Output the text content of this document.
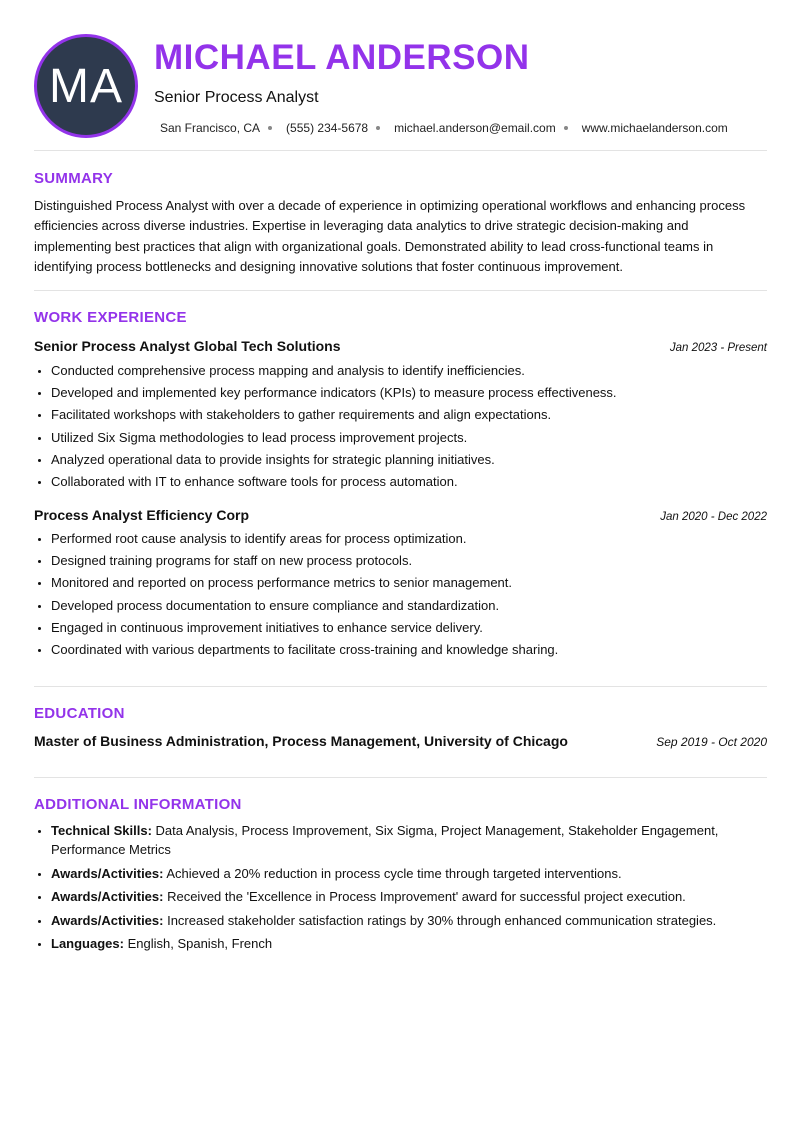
MA
MICHAEL ANDERSON
Senior Process Analyst
San Francisco, CA (555) 234-5678 michael.anderson@email.com www.michaelanderson.com
SUMMARY

Distinguished Process Analyst with over a decade of experience in optimizing operational workflows and enhancing process efficiencies across diverse industries. Expertise in leveraging data analytics to drive strategic decision-making and implementing best practices that align with organizational goals. Demonstrated ability to lead cross-functional teams in identifying process bottlenecks and designing innovative solutions that foster continuous improvement.

WORK EXPERIENCE
Senior Process Analyst Global Tech Solutions	Jan 2023 - Present
• Conducted comprehensive process mapping and analysis to identify inefficiencies.
• Developed and implemented key performance indicators (KPIs) to measure process effectiveness.
• Facilitated workshops with stakeholders to gather requirements and align expectations.
• Utilized Six Sigma methodologies to lead process improvement projects.
• Analyzed operational data to provide insights for strategic planning initiatives.
• Collaborated with IT to enhance software tools for process automation.
Process Analyst Efficiency Corp	Jan 2020 - Dec 2022
• Performed root cause analysis to identify areas for process optimization.
• Designed training programs for staff on new process protocols.
• Monitored and reported on process performance metrics to senior management.
• Developed process documentation to ensure compliance and standardization.
• Engaged in continuous improvement initiatives to enhance service delivery.
• Coordinated with various departments to facilitate cross-training and knowledge sharing.
EDUCATION
Master of Business Administration, Process Management, University of Chicago	Sep 2019 - Oct 2020
ADDITIONAL INFORMATION
• Technical Skills: Data Analysis, Process Improvement, Six Sigma, Project Management, Stakeholder Engagement, Performance Metrics
• Awards/Activities: Achieved a 20% reduction in process cycle time through targeted interventions.
• Awards/Activities: Received the 'Excellence in Process Improvement' award for successful project execution.
• Awards/Activities: Increased stakeholder satisfaction ratings by 30% through enhanced communication strategies.
• Languages: English, Spanish, French
